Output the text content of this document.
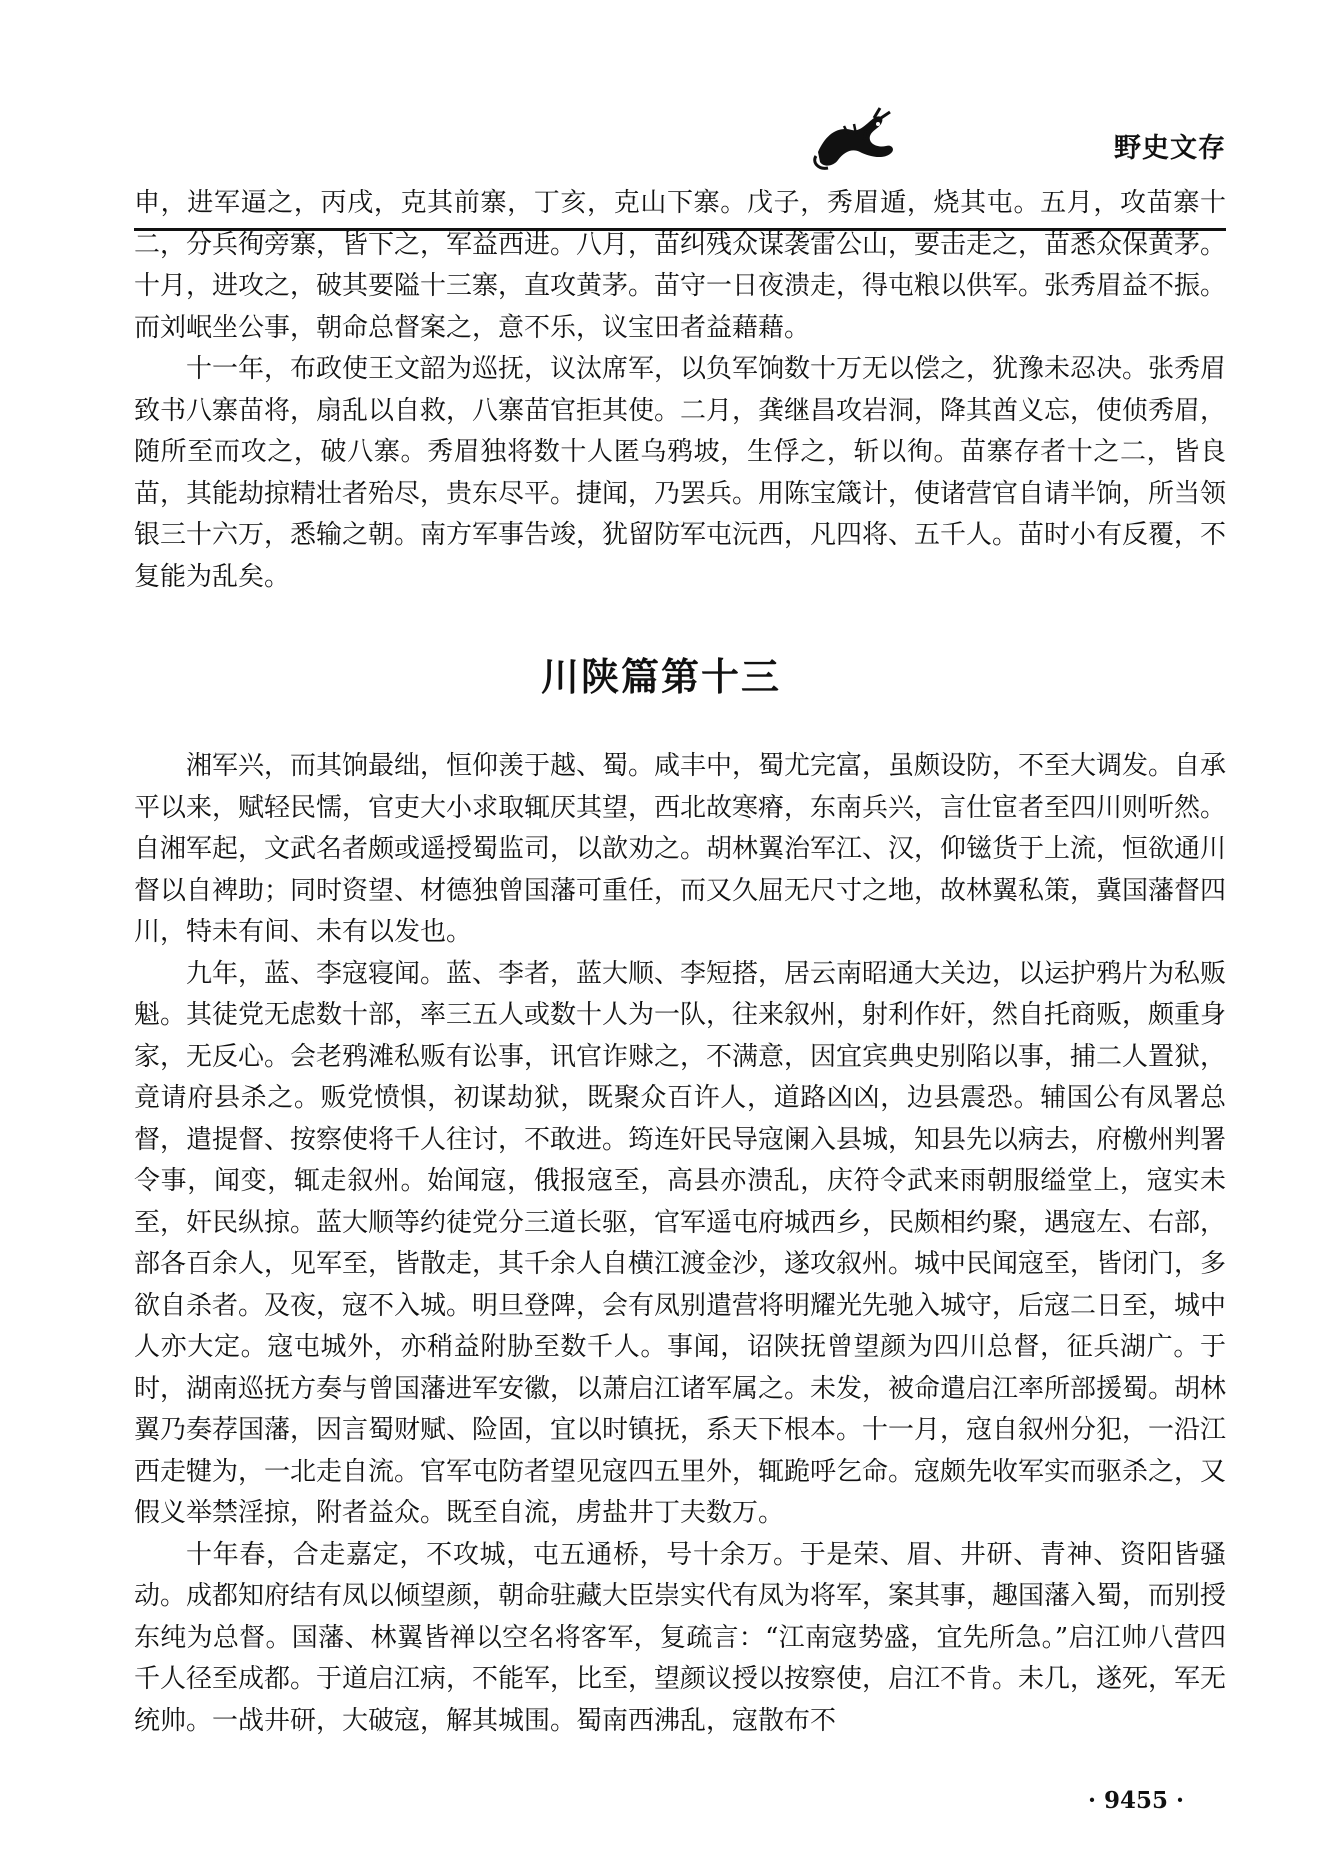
野史文存

申，进军逼之，丙戌，克其前寨，丁亥，克山下寨。戊子，秀眉遁，烧其屯。五月，攻苗寨十二，分兵徇旁寨，皆下之，军益西进。八月，苗纠残众谋袭雷公山，要击走之，苗悉众保黄茅。十月，进攻之，破其要隘十三寨，直攻黄茅。苗守一日夜溃走，得屯粮以供军。张秀眉益不振。而刘岷坐公事，朝命总督案之，意不乐，议宝田者益藉藉。

十一年，布政使王文韶为巡抚，议汰席军，以负军饷数十万无以偿之，犹豫未忍决。张秀眉致书八寨苗将，扇乱以自救，八寨苗官拒其使。二月，龚继昌攻岩洞，降其酋义忘，使侦秀眉，随所至而攻之，破八寨。秀眉独将数十人匿乌鸦坡，生俘之，斩以徇。苗寨存者十之二，皆良苗，其能劫掠精壮者殆尽，贵东尽平。捷闻，乃罢兵。用陈宝箴计，使诸营官自请半饷，所当领银三十六万，悉输之朝。南方军事告竣，犹留防军屯沅西，凡四将、五千人。苗时小有反覆，不复能为乱矣。

川陕篇第十三

湘军兴，而其饷最绌，恒仰羡于越、蜀。咸丰中，蜀尤完富，虽颇设防，不至大调发。自承平以来，赋轻民懦，官吏大小求取辄厌其望，西北故寒瘠，东南兵兴，言仕宦者至四川则听然。自湘军起，文武名者颇或遥授蜀监司，以歆劝之。胡林翼治军江、汉，仰镃货于上流，恒欲通川督以自裨助；同时资望、材德独曾国藩可重任，而又久屈无尺寸之地，故林翼私策，冀国藩督四川，特未有间、未有以发也。

九年，蓝、李寇寝闻。蓝、李者，蓝大顺、李短搭，居云南昭通大关边，以运护鸦片为私贩魁。其徒党无虑数十部，率三五人或数十人为一队，往来叙州，射利作奸，然自托商贩，颇重身家，无反心。会老鸦滩私贩有讼事，讯官诈赇之，不满意，因宜宾典史别陷以事，捕二人置狱，竟请府县杀之。贩党愤惧，初谋劫狱，既聚众百许人，道路凶凶，边县震恐。辅国公有凤署总督，遣提督、按察使将千人往讨，不敢进。筠连奸民导寇阑入县城，知县先以病去，府檄州判署令事，闻变，辄走叙州。始闻寇，俄报寇至，高县亦溃乱，庆符令武来雨朝服缢堂上，寇实未至，奸民纵掠。蓝大顺等约徒党分三道长驱，官军遥屯府城西乡，民颇相约聚，遇寇左、右部，部各百余人，见军至，皆散走，其千余人自横江渡金沙，遂攻叙州。城中民闻寇至，皆闭门，多欲自杀者。及夜，寇不入城。明旦登陴，会有凤别遣营将明耀光先驰入城守，后寇二日至，城中人亦大定。寇屯城外，亦稍益附胁至数千人。事闻，诏陕抚曾望颜为四川总督，征兵湖广。于时，湖南巡抚方奏与曾国藩进军安徽，以萧启江诸军属之。未发，被命遣启江率所部援蜀。胡林翼乃奏荐国藩，因言蜀财赋、险固，宜以时镇抚，系天下根本。十一月，寇自叙州分犯，一沿江西走犍为，一北走自流。官军屯防者望见寇四五里外，辄跪呼乞命。寇颇先收军实而驱杀之，又假义举禁淫掠，附者益众。既至自流，虏盐井丁夫数万。

十年春，合走嘉定，不攻城，屯五通桥，号十余万。于是荣、眉、井研、青神、资阳皆骚动。成都知府结有凤以倾望颜，朝命驻藏大臣崇实代有凤为将军，案其事，趣国藩入蜀，而别授东纯为总督。国藩、林翼皆禅以空名将客军，复疏言：“江南寇势盛，宜先所急。”启江帅八营四千人径至成都。于道启江病，不能军，比至，望颜议授以按察使，启江不肯。未几，遂死，军无统帅。一战井研，大破寇，解其城围。蜀南西沸乱，寇散布不

· 9455 ·
